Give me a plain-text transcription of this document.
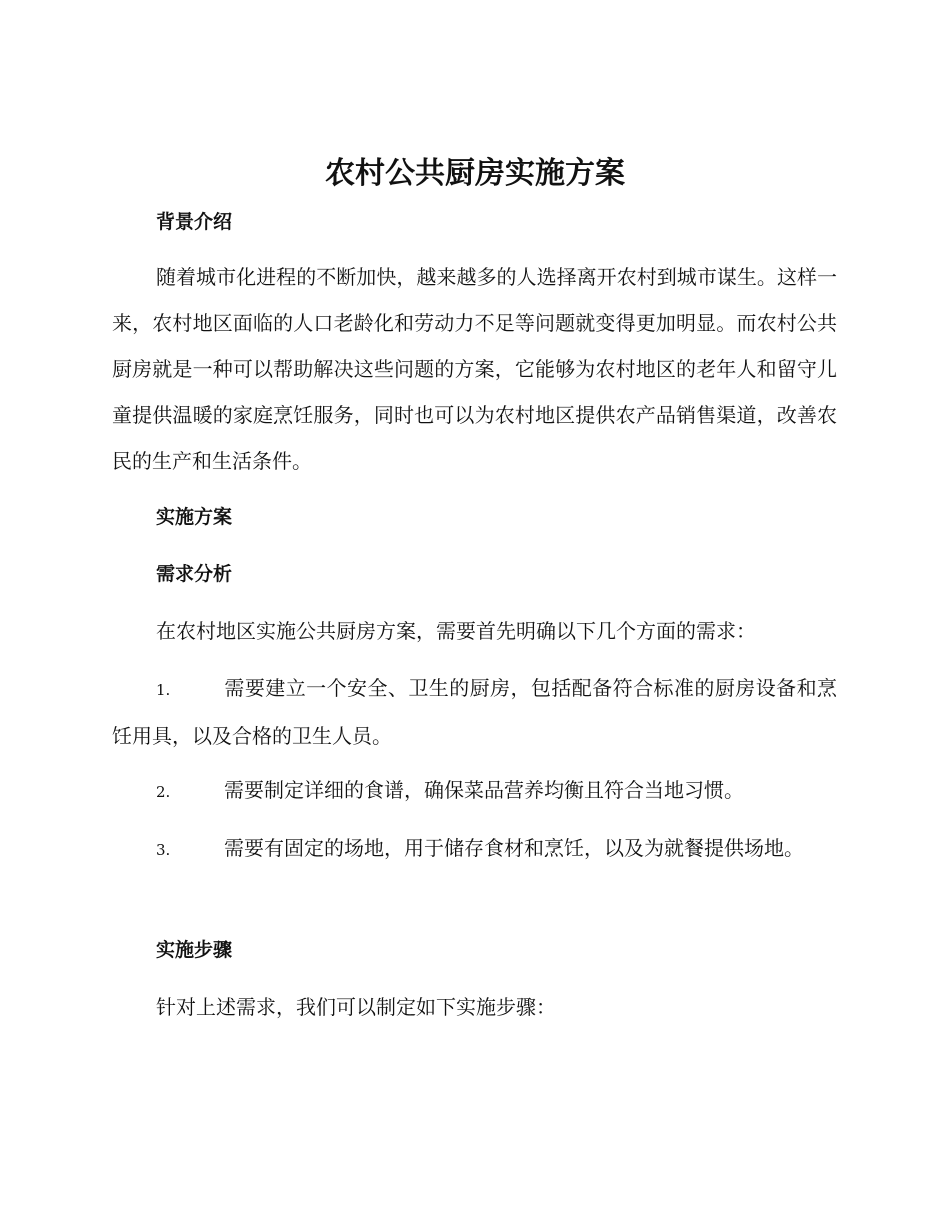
农村公共厨房实施方案
背景介绍

随着城市化进程的不断加快，越来越多的人选择离开农村到城市谋生。这样一来，农村地区面临的人口老龄化和劳动力不足等问题就变得更加明显。而农村公共厨房就是一种可以帮助解决这些问题的方案，它能够为农村地区的老年人和留守儿童提供温暖的家庭烹饪服务，同时也可以为农村地区提供农产品销售渠道，改善农民的生产和生活条件。

实施方案
需求分析

在农村地区实施公共厨房方案，需要首先明确以下几个方面的需求：

1.	需要建立一个安全、卫生的厨房，包括配备符合标准的厨房设备和烹饪用具，以及合格的卫生人员。

2.	需要制定详细的食谱，确保菜品营养均衡且符合当地习惯。

3.	需要有固定的场地，用于储存食材和烹饪，以及为就餐提供场地。

实施步骤

针对上述需求，我们可以制定如下实施步骤：
